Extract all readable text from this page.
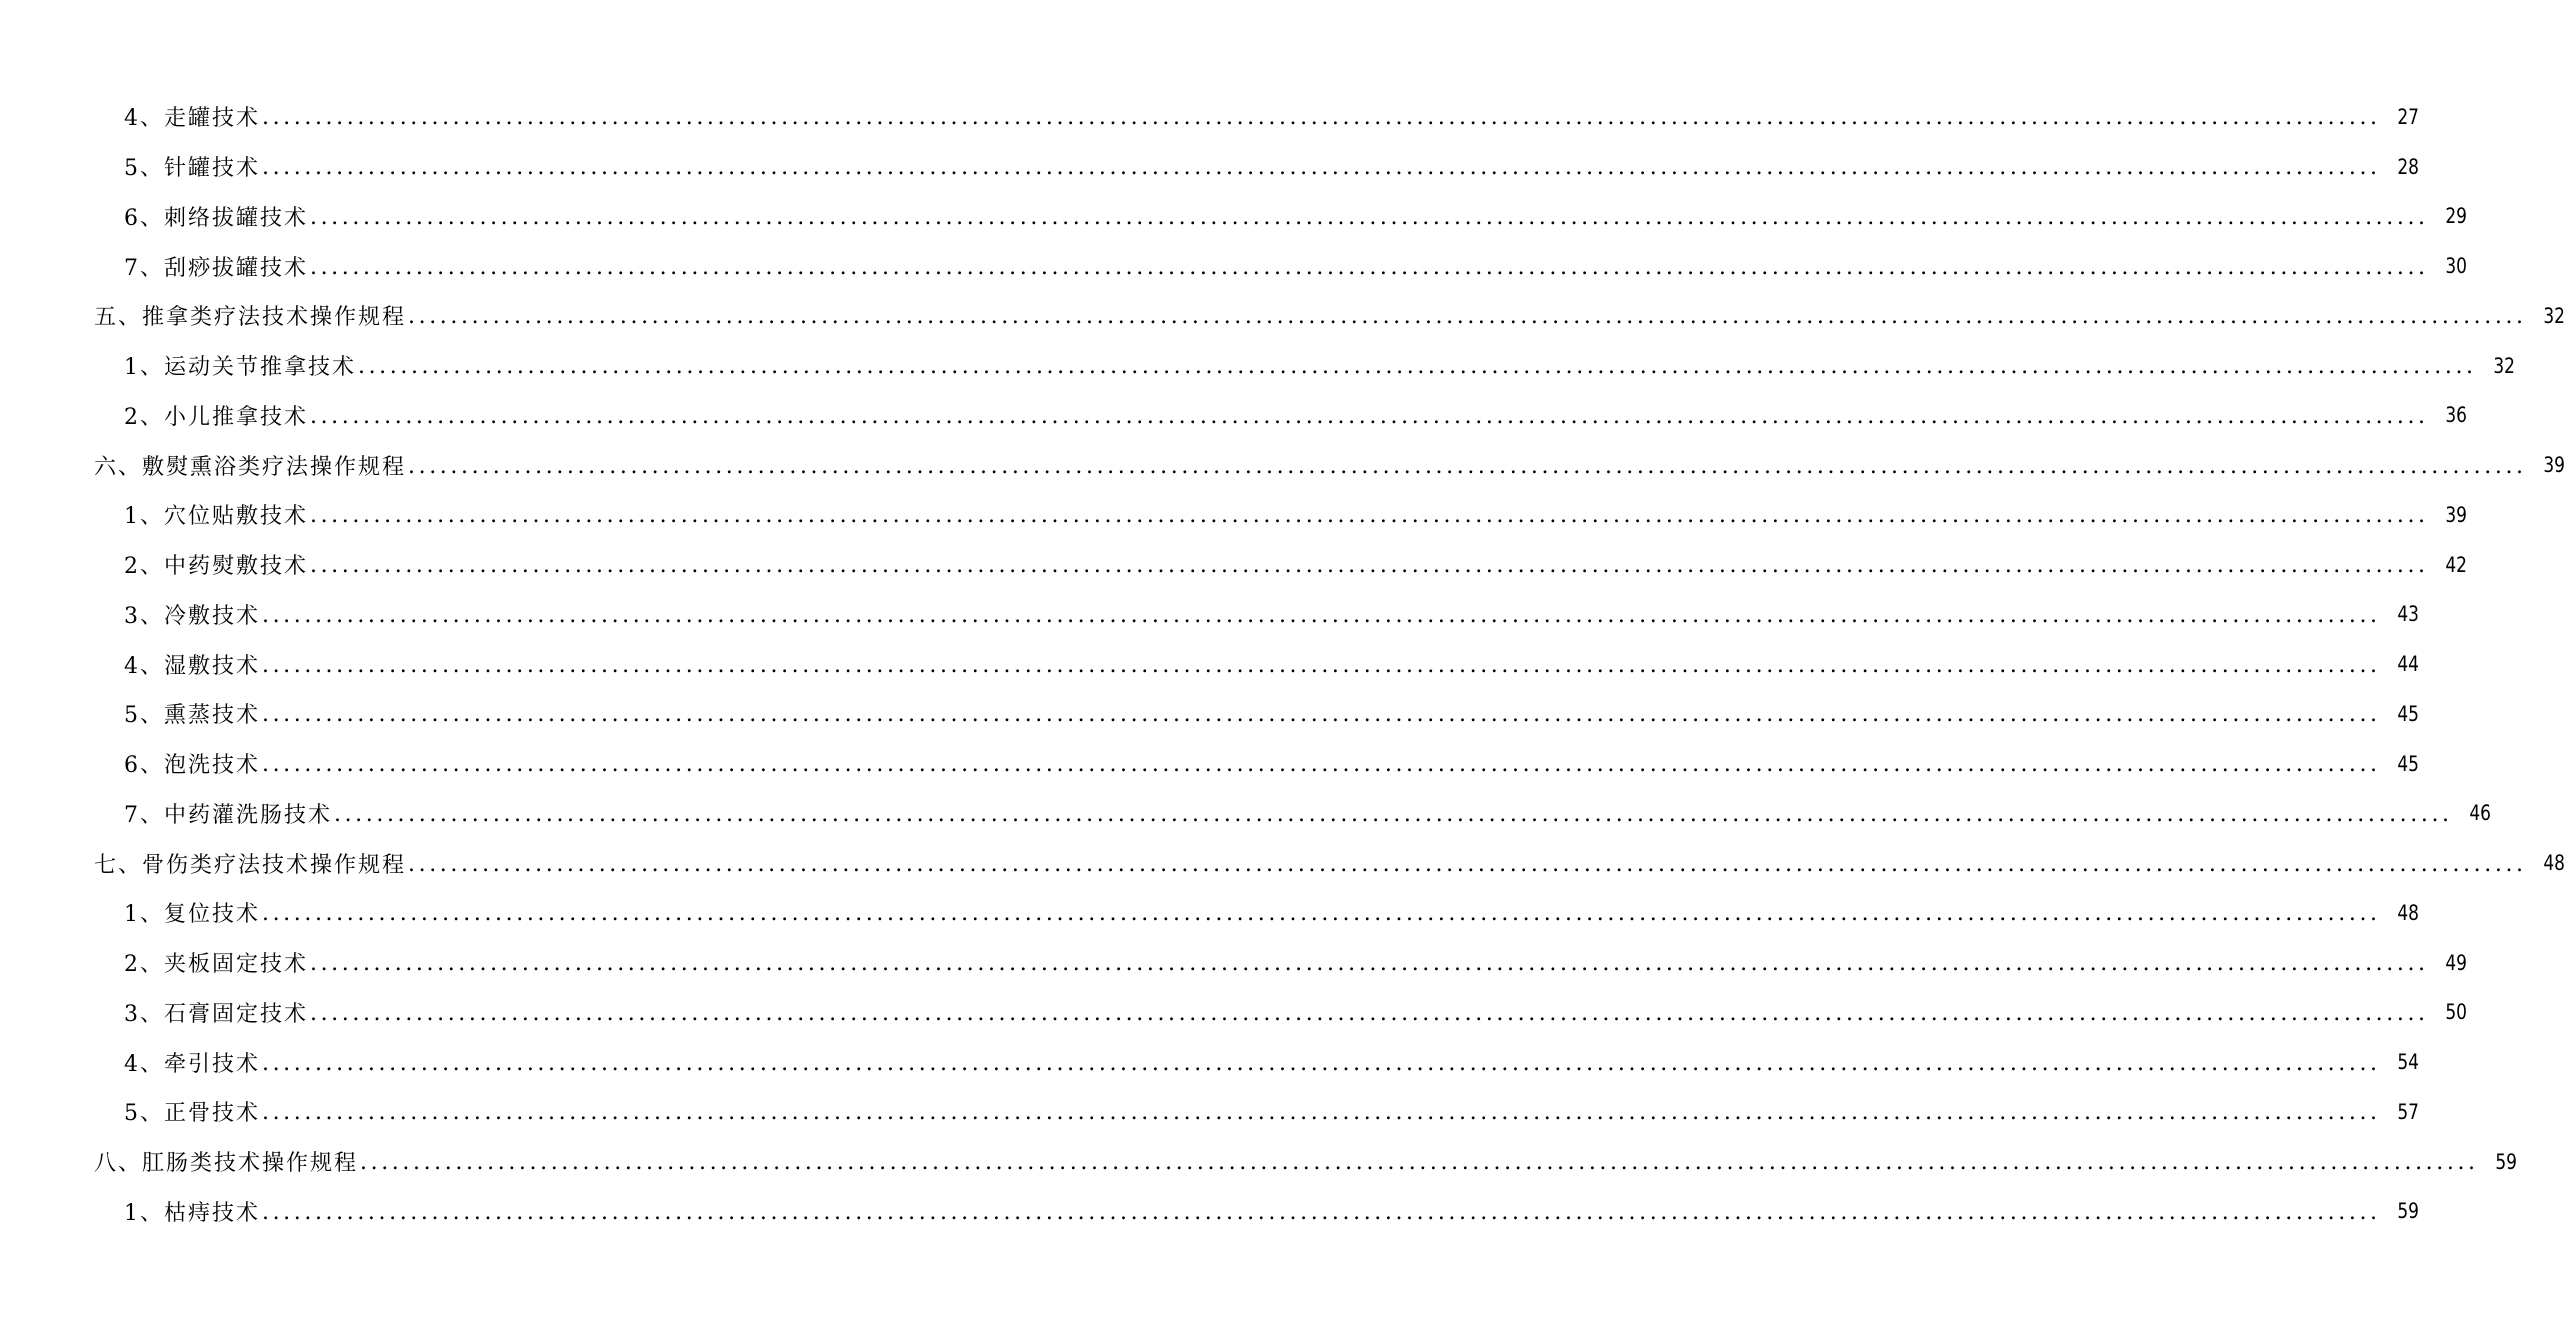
4、走罐技术 ........................................................................................................................................................................................................ 27
5、针罐技术 ........................................................................................................................................................................................................ 28
6、刺络拔罐技术 ........................................................................................................................................................................................................ 29
7、刮痧拔罐技术 ........................................................................................................................................................................................................ 30
五、推拿类疗法技术操作规程 ........................................................................................................................................................................................................ 32
1、运动关节推拿技术 ........................................................................................................................................................................................................ 32
2、小儿推拿技术 ........................................................................................................................................................................................................ 36
六、敷熨熏浴类疗法操作规程 ........................................................................................................................................................................................................ 39
1、穴位贴敷技术 ........................................................................................................................................................................................................ 39
2、中药熨敷技术 ........................................................................................................................................................................................................ 42
3、冷敷技术 ........................................................................................................................................................................................................ 43
4、湿敷技术 ........................................................................................................................................................................................................ 44
5、熏蒸技术 ........................................................................................................................................................................................................ 45
6、泡洗技术 ........................................................................................................................................................................................................ 45
7、中药灌洗肠技术 ........................................................................................................................................................................................................ 46
七、骨伤类疗法技术操作规程 ........................................................................................................................................................................................................ 48
1、复位技术 ........................................................................................................................................................................................................ 48
2、夹板固定技术 ........................................................................................................................................................................................................ 49
3、石膏固定技术 ........................................................................................................................................................................................................ 50
4、牵引技术 ........................................................................................................................................................................................................ 54
5、正骨技术 ........................................................................................................................................................................................................ 57
八、肛肠类技术操作规程 ........................................................................................................................................................................................................ 59
1、枯痔技术 ........................................................................................................................................................................................................ 59
